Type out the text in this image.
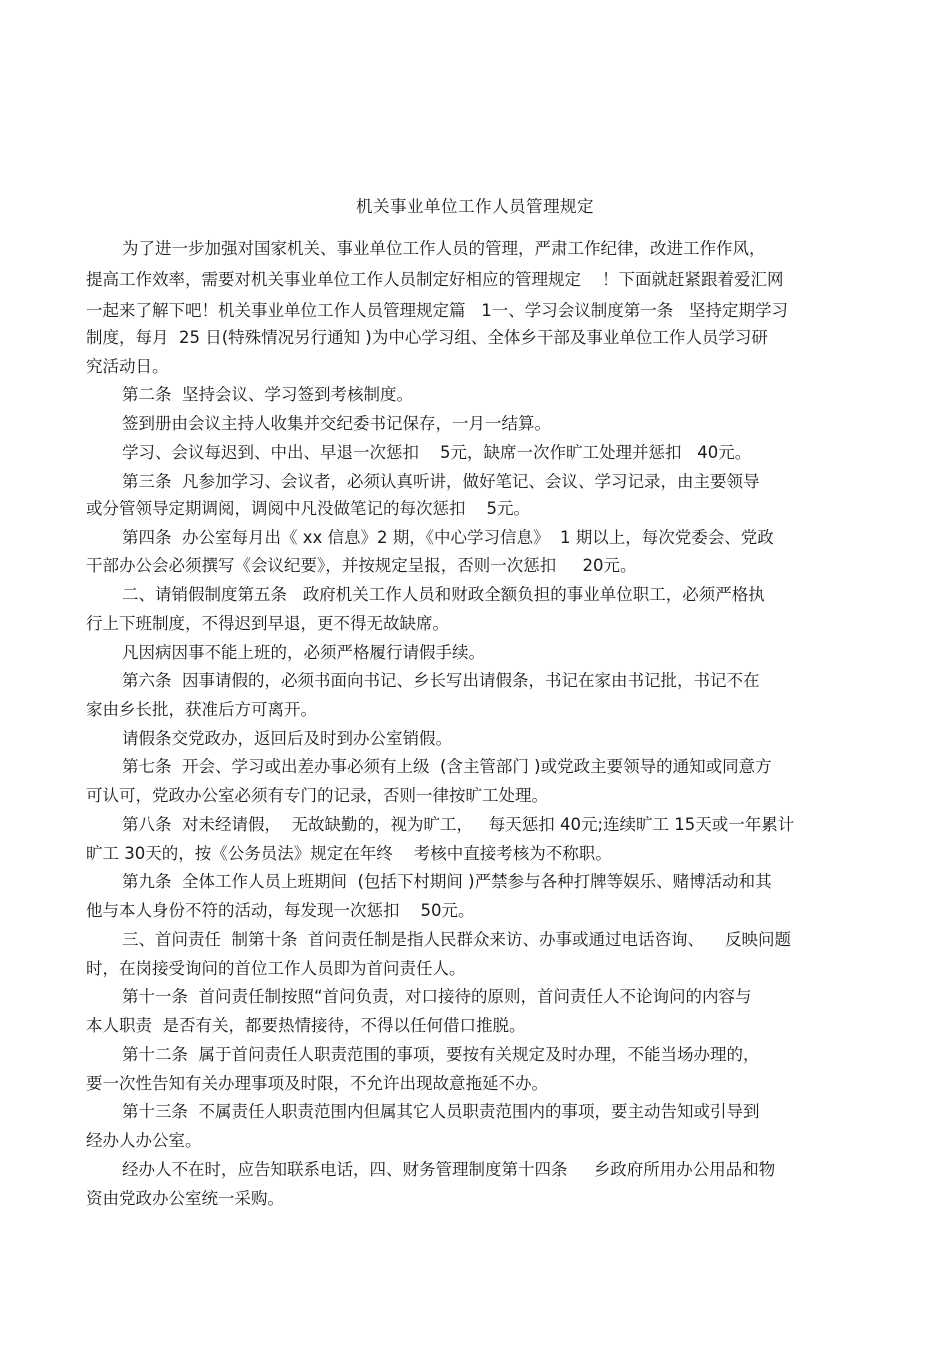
机关事业单位工作人员管理规定
为了进一步加强对国家机关、事业单位工作人员的管理，严肃工作纪律，改进工作作风，
提高工作效率，需要对机关事业单位工作人员制定好相应的管理规定    ！下面就赶紧跟着爱汇网
一起来了解下吧！机关事业单位工作人员管理规定篇   1一、学习会议制度第一条   坚持定期学习
制度，每月  25 日(特殊情况另行通知 )为中心学习组、全体乡干部及事业单位工作人员学习研
究活动日。
第二条  坚持会议、学习签到考核制度。
签到册由会议主持人收集并交纪委书记保存，一月一结算。
学习、会议每迟到、中出、早退一次惩扣    5元，缺席一次作旷工处理并惩扣   40元。
第三条  凡参加学习、会议者，必须认真听讲，做好笔记、会议、学习记录，由主要领导
或分管领导定期调阅，调阅中凡没做笔记的每次惩扣    5元。
第四条  办公室每月出《 xx 信息》2 期，《中心学习信息》  1 期以上，每次党委会、党政
干部办公会必须撰写《会议纪要》，并按规定呈报，否则一次惩扣     20元。
二、请销假制度第五条   政府机关工作人员和财政全额负担的事业单位职工，必须严格执
行上下班制度，不得迟到早退，更不得无故缺席。
凡因病因事不能上班的，必须严格履行请假手续。
第六条  因事请假的，必须书面向书记、乡长写出请假条，书记在家由书记批，书记不在
家由乡长批，获准后方可离开。
请假条交党政办，返回后及时到办公室销假。
第七条  开会、学习或出差办事必须有上级  (含主管部门 )或党政主要领导的通知或同意方
可认可，党政办公室必须有专门的记录，否则一律按旷工处理。
第八条  对未经请假，  无故缺勤的，视为旷工，   每天惩扣 40元;连续旷工 15天或一年累计
旷工 30天的，按《公务员法》规定在年终    考核中直接考核为不称职。
第九条  全体工作人员上班期间  (包括下村期间 )严禁参与各种打牌等娱乐、赌博活动和其
他与本人身份不符的活动，每发现一次惩扣    50元。
三、首问责任  制第十条  首问责任制是指人民群众来访、办事或通过电话咨询、    反映问题
时，在岗接受询问的首位工作人员即为首问责任人。
第十一条  首问责任制按照“首问负责，对口接待的原则，首问责任人不论询问的内容与
本人职责  是否有关，都要热情接待，不得以任何借口推脱。
第十二条  属于首问责任人职责范围的事项，要按有关规定及时办理，不能当场办理的，
要一次性告知有关办理事项及时限，不允许出现故意拖延不办。
第十三条  不属责任人职责范围内但属其它人员职责范围内的事项，要主动告知或引导到
经办人办公室。
经办人不在时，应告知联系电话，四、财务管理制度第十四条     乡政府所用办公用品和物
资由党政办公室统一采购。
